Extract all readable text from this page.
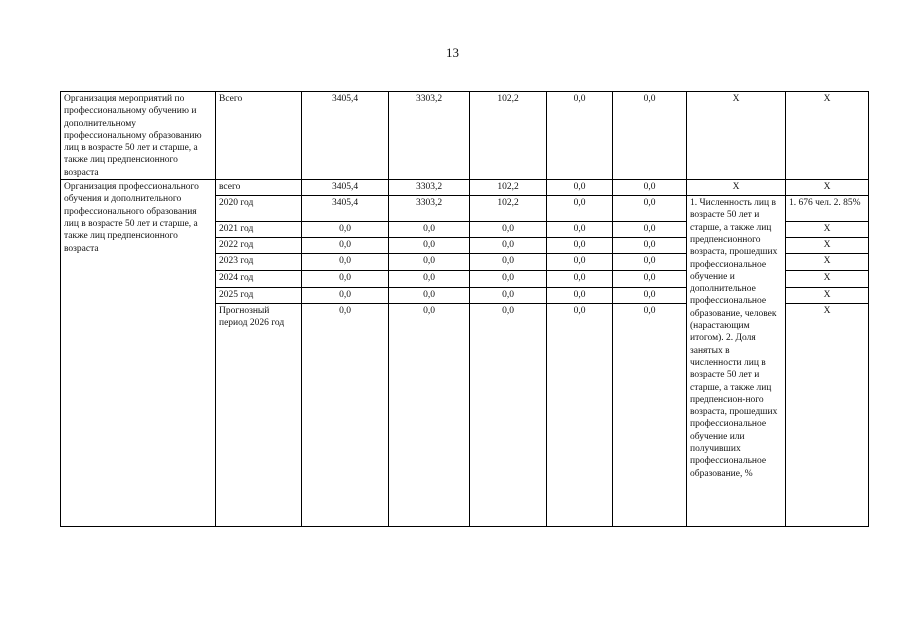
13
Организация мероприятий по профессиональному обучению и дополнительному профессиональному образованию лиц в возрасте 50 лет и старше, а также лиц предпенсионного возраста	Всего	3405,4	3303,2	102,2	0,0	0,0	X	X
Организация профессионального обучения и дополнительного профессионального образования лиц в возрасте 50 лет и старше, а также лиц предпенсионного возраста	всего	3405,4	3303,2	102,2	0,0	0,0	X	X
	2020 год	3405,4	3303,2	102,2	0,0	0,0	1. Численность лиц в возрасте 50 лет и старше, а также лиц предпенсионного возраста, прошедших профессиональное обучение и дополнительное профессиональное образование, человек (нарастающим итогом). 2. Доля занятых в численности лиц в возрасте 50 лет и старше, а также лиц предпенсион-ного возраста, прошедших профессиональное обучение или получивших профессиональное образование, %	1. 676 чел. 2. 85%
	2021 год	0,0	0,0	0,0	0,0	0,0		X
	2022 год	0,0	0,0	0,0	0,0	0,0		X
	2023 год	0,0	0,0	0,0	0,0	0,0		X
	2024 год	0,0	0,0	0,0	0,0	0,0		X
	2025 год	0,0	0,0	0,0	0,0	0,0		X
	Прогнозный период 2026 год	0,0	0,0	0,0	0,0	0,0		X
